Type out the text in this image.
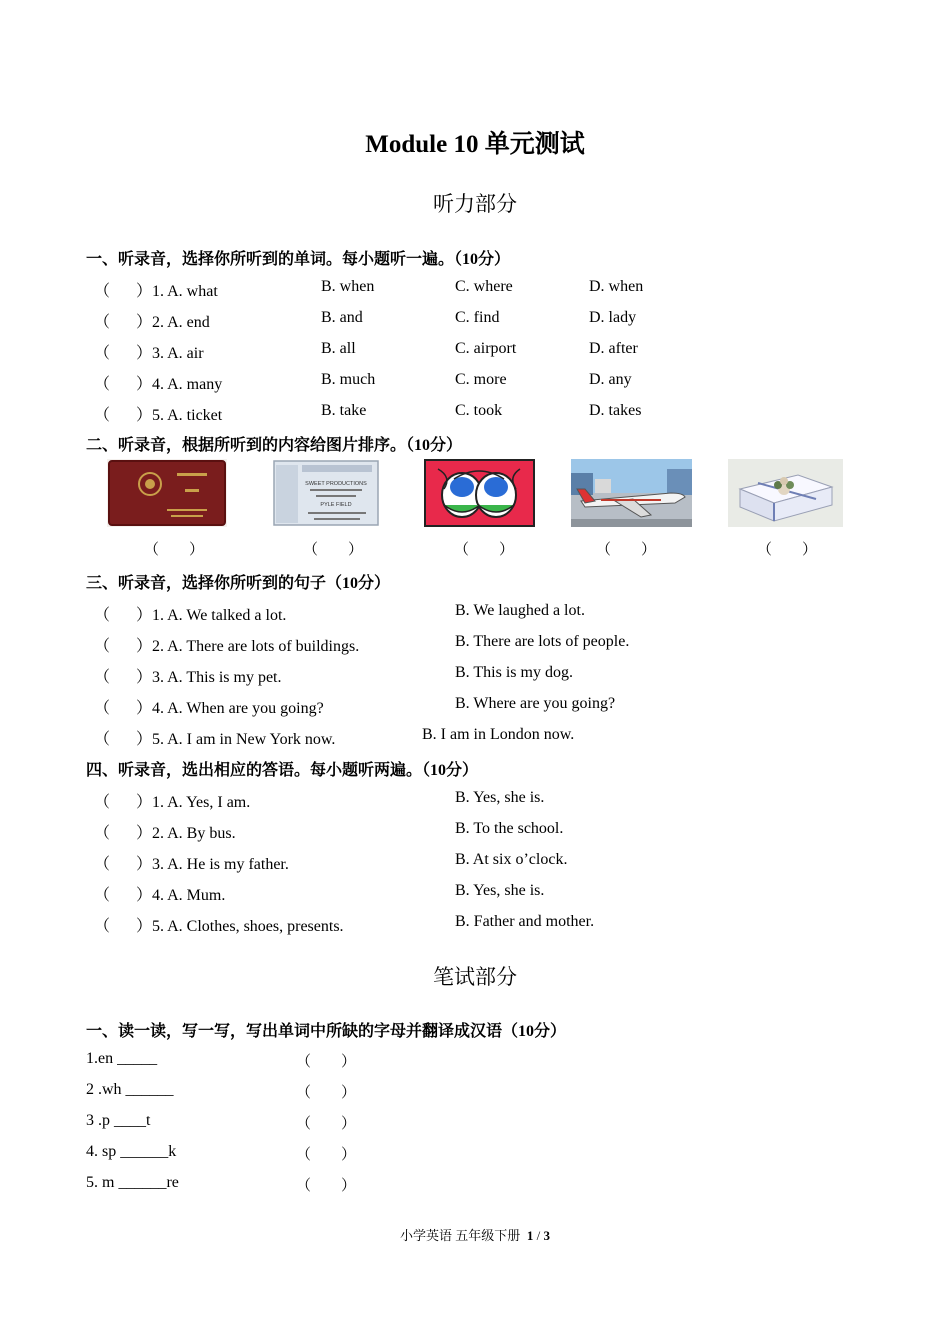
Module 10 单元测试
听力部分
一、听录音，选择你所听到的单词。每小题听一遍。（10分）
（ ）1. A. what	B. when	C. where	D. when
（ ）2. A. end	B. and	C. find	D. lady
（ ）3. A. air	B. all	C. airport	D. after
（ ）4. A. many	B. much	C. more	D. any
（ ）5. A. ticket	B. take	C. took	D. takes
二、听录音，根据所听到的内容给图片排序。（10分）
SWEET PRODUCTIONS
PYLE FIELD
（　　）	（　　）	（　　）	（　　）	（　　）
三、听录音，选择你所听到的句子（10分）
（ ）1. A. We talked a lot.	B. We laughed a lot.
（ ）2. A. There are lots of buildings.	B. There are lots of people.
（ ）3. A. This is my pet.	B. This is my dog.
（ ）4. A. When are you going?	B. Where are you going?
（ ）5. A. I am in New York now.	B. I am in London now.
四、听录音，选出相应的答语。每小题听两遍。（10分）
（ ）1. A. Yes, I am.	B. Yes, she is.
（ ）2. A. By bus.	B. To the school.
（ ）3. A. He is my father.	B. At six o’clock.
（ ）4. A. Mum.	B. Yes, she is.
（ ）5. A. Clothes, shoes, presents.	B. Father and mother.
笔试部分
一、读一读，写一写，写出单词中所缺的字母并翻译成汉语（10分）
1.en _____	（　　）
2 .wh ______	（　　）
3 .p ____t	（　　）
4. sp ______k	（　　）
5. m ______re	（　　）
小学英语 五年级下册 1 / 3
